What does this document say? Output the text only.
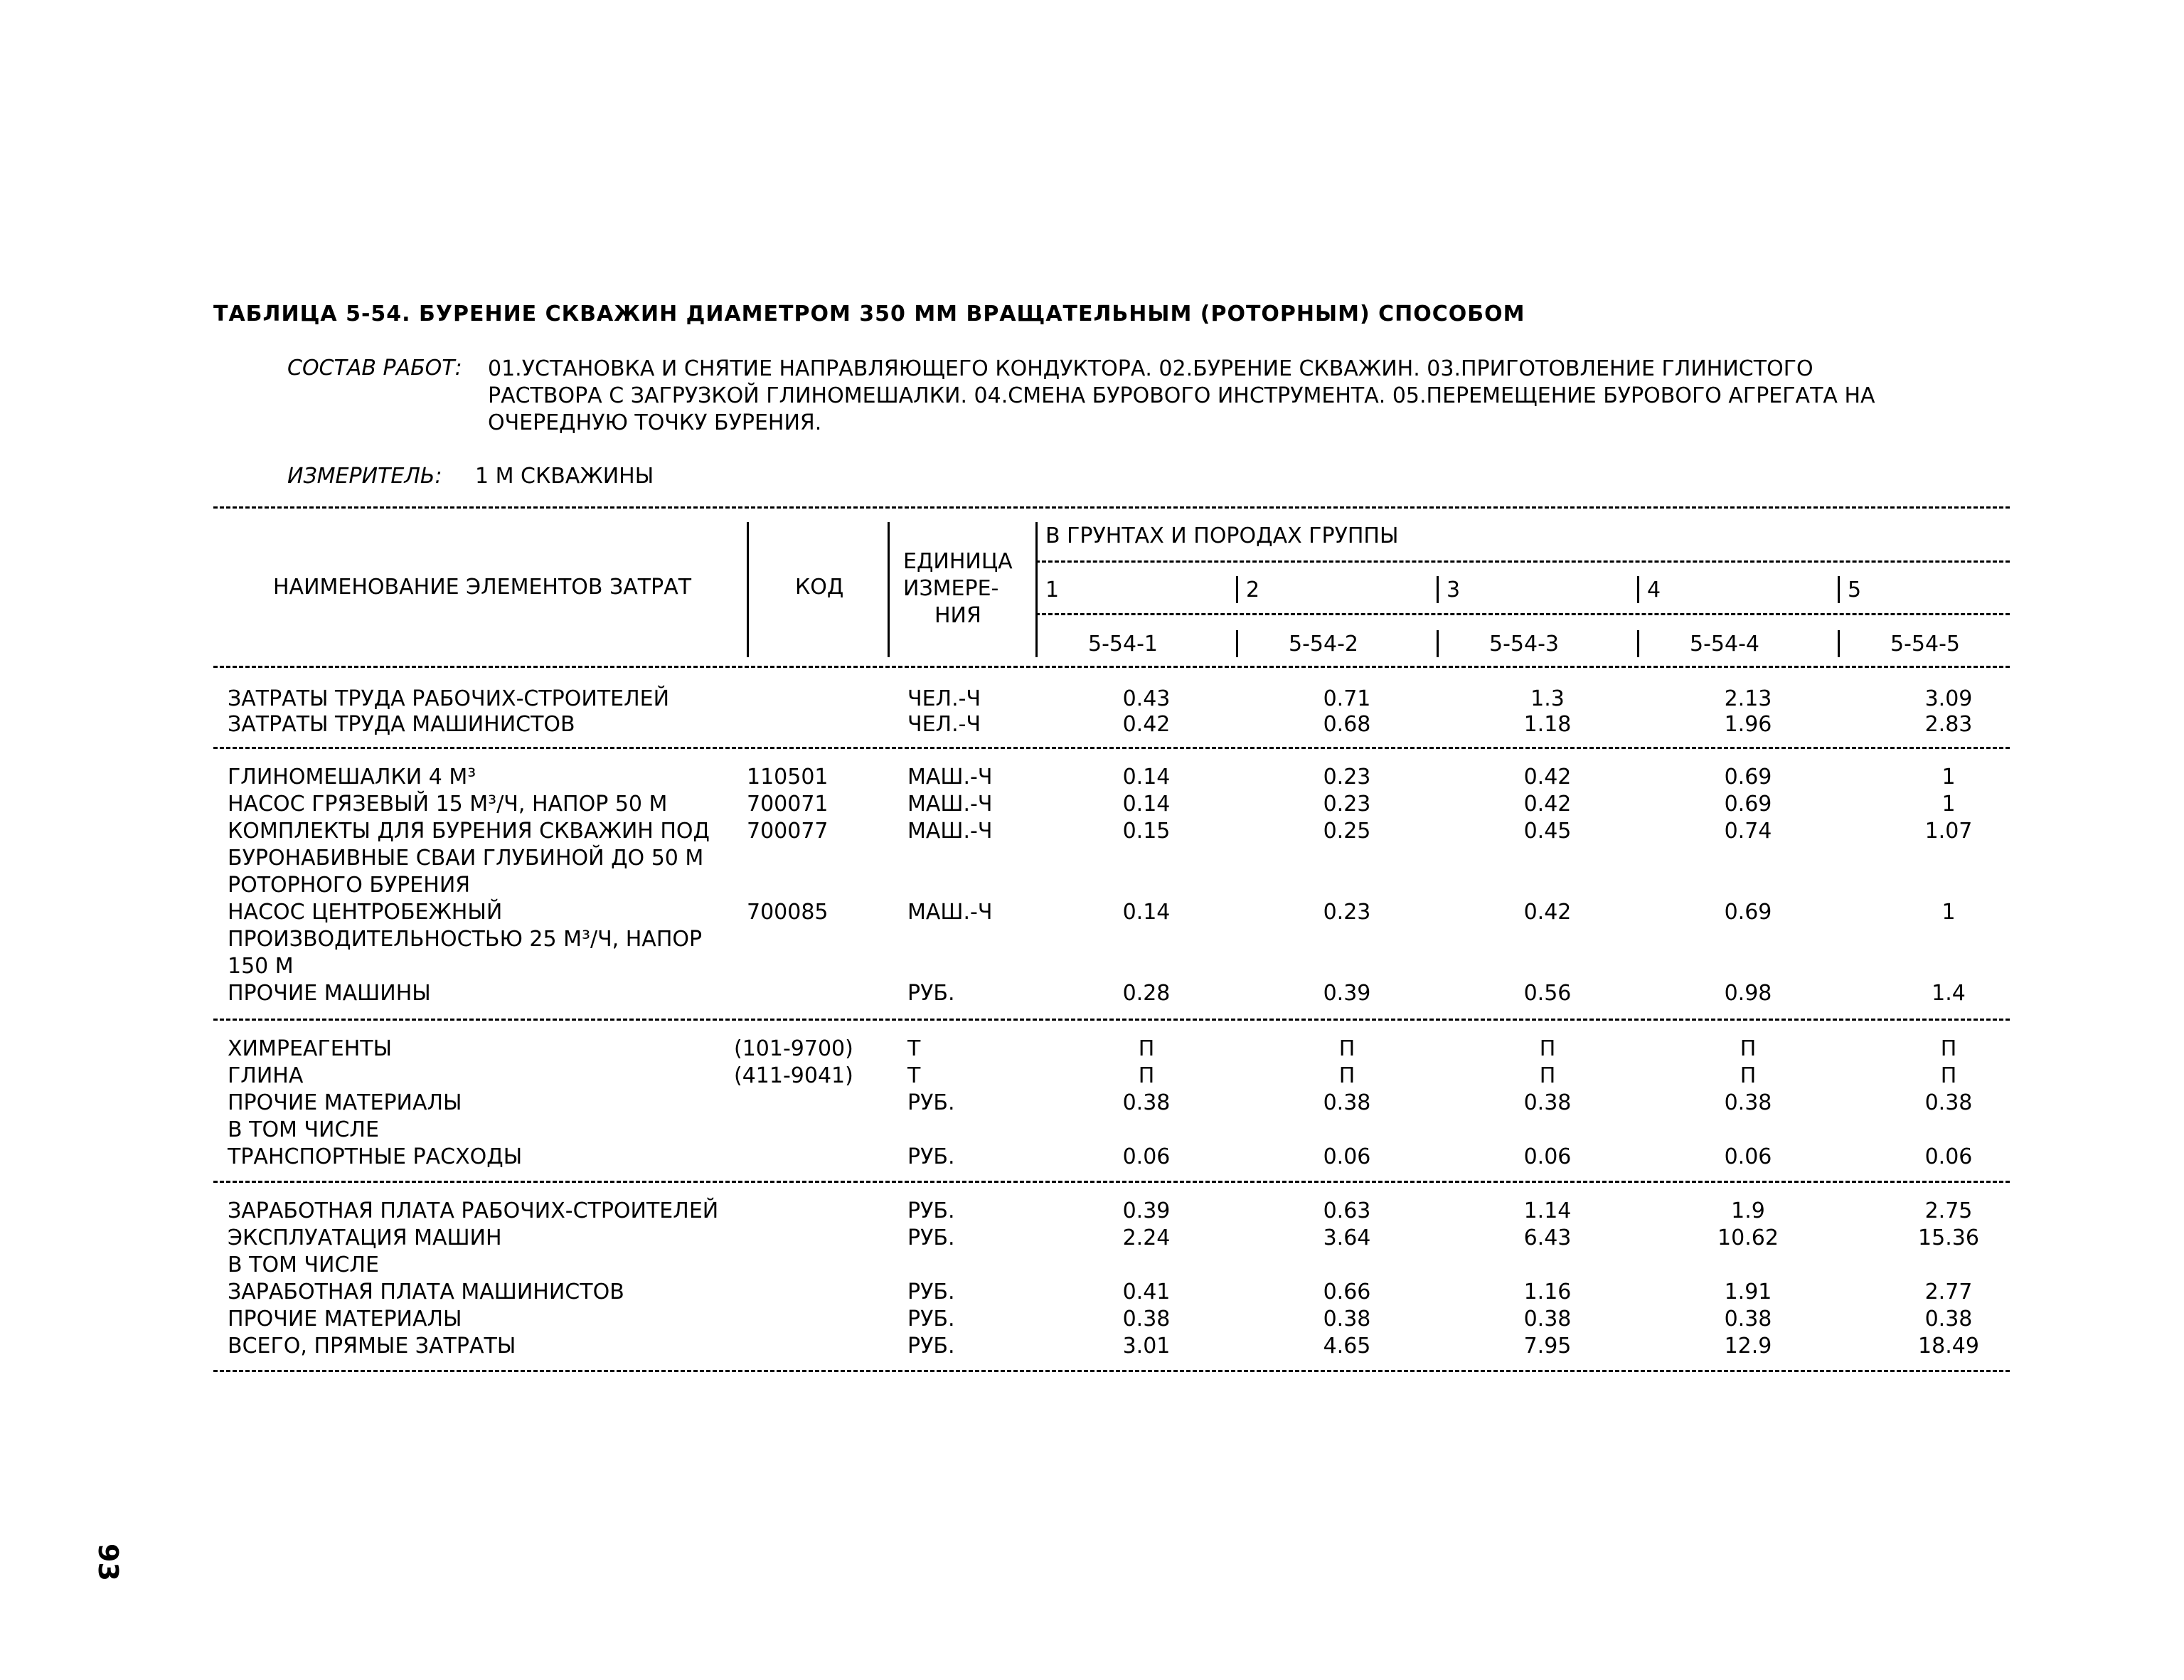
ТАБЛИЦА 5-54. БУРЕНИЕ СКВАЖИН ДИАМЕТРОМ 350 ММ ВРАЩАТЕЛЬНЫМ (РОТОРНЫМ) СПОСОБОМ
СОСТАВ РАБОТ: 01.УСТАНОВКА И СНЯТИЕ НАПРАВЛЯЮЩЕГО КОНДУКТОРА. 02.БУРЕНИЕ СКВАЖИН. 03.ПРИГОТОВЛЕНИЕ ГЛИНИСТОГО
РАСТВОРА С ЗАГРУЗКОЙ ГЛИНОМЕШАЛКИ. 04.СМЕНА БУРОВОГО ИНСТРУМЕНТА. 05.ПЕРЕМЕЩЕНИЕ БУРОВОГО АГРЕГАТА НА
ОЧЕРЕДНУЮ ТОЧКУ БУРЕНИЯ.
ИЗМЕРИТЕЛЬ: 1 М СКВАЖИНЫ
НАИМЕНОВАНИЕ ЭЛЕМЕНТОВ ЗАТРАТ	КОД
ЕДИНИЦА
ИЗМЕРЕ-
НИЯ
В ГРУНТАХ И ПОРОДАХ ГРУППЫ
1	2	3	4	5
5-54-1	5-54-2	5-54-3	5-54-4	5-54-5
ЗАТРАТЫ ТРУДА РАБОЧИХ-СТРОИТЕЛЕЙ	ЧЕЛ.-Ч	0.43	0.71	1.3	2.13	3.09
ЗАТРАТЫ ТРУДА МАШИНИСТОВ	ЧЕЛ.-Ч	0.42	0.68	1.18	1.96	2.83
ГЛИНОМЕШАЛКИ 4 М³	110501	МАШ.-Ч	0.14	0.23	0.42	0.69	1
НАСОС ГРЯЗЕВЫЙ 15 М³/Ч, НАПОР 50 М	700071	МАШ.-Ч	0.14	0.23	0.42	0.69	1
КОМПЛЕКТЫ ДЛЯ БУРЕНИЯ СКВАЖИН ПОД 700077	МАШ.-Ч	0.15	0.25	0.45	0.74	1.07
БУРОНАБИВНЫЕ СВАИ ГЛУБИНОЙ ДО 50 М
РОТОРНОГО БУРЕНИЯ
НАСОС ЦЕНТРОБЕЖНЫЙ	700085	МАШ.-Ч	0.14	0.23	0.42	0.69	1
ПРОИЗВОДИТЕЛЬНОСТЬЮ 25 М³/Ч, НАПОР
150 М
ПРОЧИЕ МАШИНЫ	РУБ.	0.28	0.39	0.56	0.98	1.4
ХИМРЕАГЕНТЫ	(101-9700)	Т	П	П	П	П	П
ГЛИНА	(411-9041)	Т	П	П	П	П	П
ПРОЧИЕ МАТЕРИАЛЫ	РУБ.	0.38	0.38	0.38	0.38	0.38
В ТОМ ЧИСЛЕ
ТРАНСПОРТНЫЕ РАСХОДЫ	РУБ.	0.06	0.06	0.06	0.06	0.06
ЗАРАБОТНАЯ ПЛАТА РАБОЧИХ-СТРОИТЕЛЕЙ	РУБ.	0.39	0.63	1.14	1.9	2.75
ЭКСПЛУАТАЦИЯ МАШИН	РУБ.	2.24	3.64	6.43	10.62	15.36
В ТОМ ЧИСЛЕ
ЗАРАБОТНАЯ ПЛАТА МАШИНИСТОВ	РУБ.	0.41	0.66	1.16	1.91	2.77
ПРОЧИЕ МАТЕРИАЛЫ	РУБ.	0.38	0.38	0.38	0.38	0.38
ВСЕГО, ПРЯМЫЕ ЗАТРАТЫ	РУБ.	3.01	4.65	7.95	12.9	18.49
93
